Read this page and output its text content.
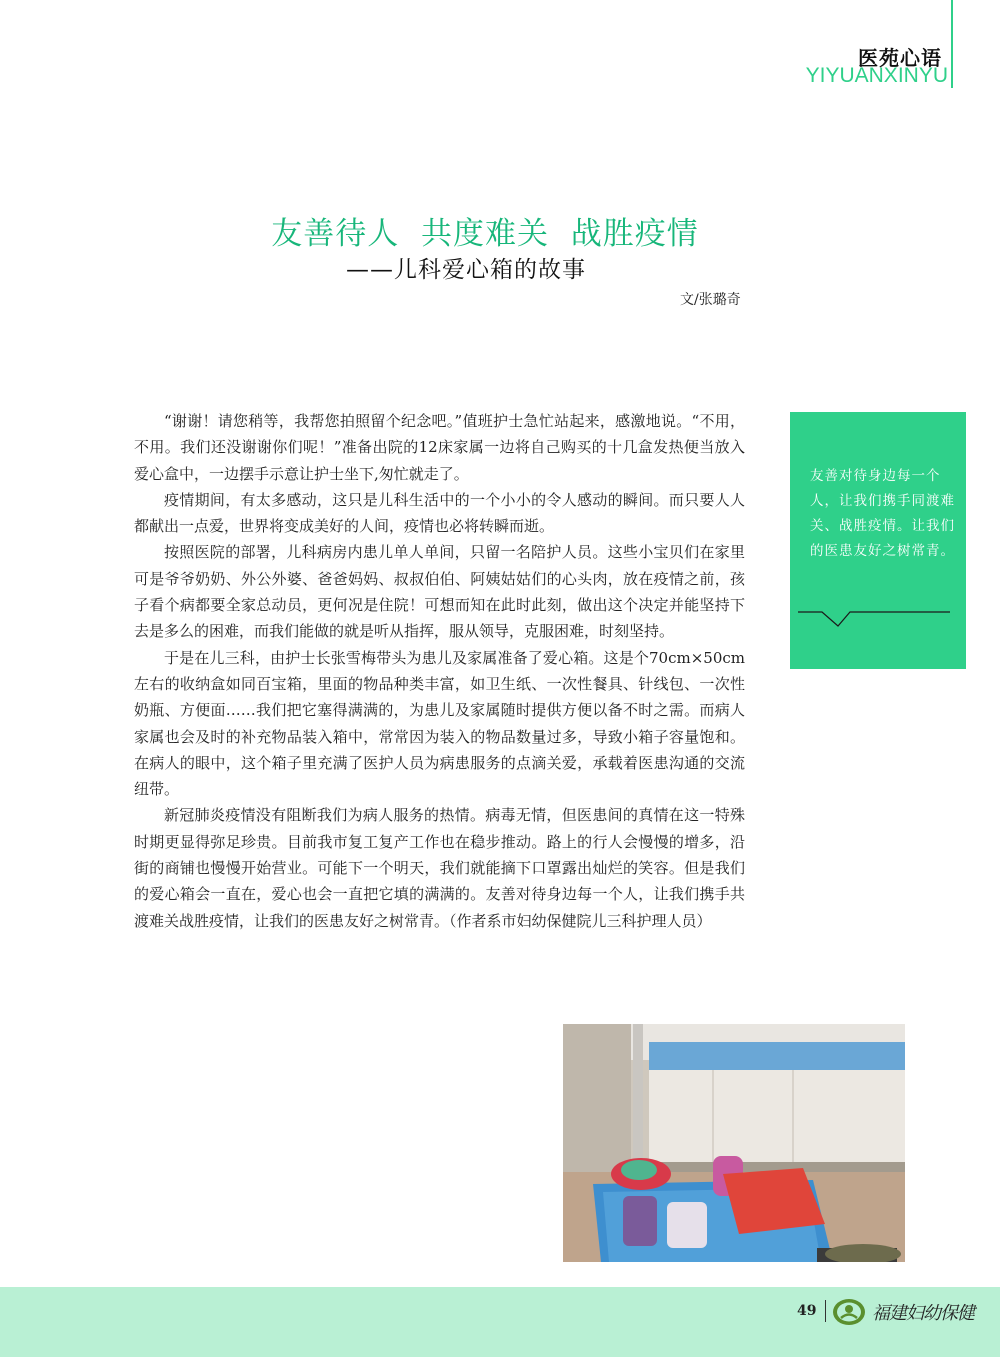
医苑心语
YIYUANXINYU
友善待人  共度难关  战胜疫情
——儿科爱心箱的故事
文/张璐奇

“谢谢！请您稍等，我帮您拍照留个纪念吧。”值班护士急忙站起来，感激地说。“不用，不用。我们还没谢谢你们呢！”准备出院的12床家属一边将自己购买的十几盒发热便当放入爱心盒中，一边摆手示意让护士坐下,匆忙就走了。

疫情期间，有太多感动，这只是儿科生活中的一个小小的令人感动的瞬间。而只要人人都献出一点爱，世界将变成美好的人间，疫情也必将转瞬而逝。

按照医院的部署，儿科病房内患儿单人单间，只留一名陪护人员。这些小宝贝们在家里可是爷爷奶奶、外公外婆、爸爸妈妈、叔叔伯伯、阿姨姑姑们的心头肉，放在疫情之前，孩子看个病都要全家总动员，更何况是住院！可想而知在此时此刻，做出这个决定并能坚持下去是多么的困难，而我们能做的就是听从指挥，服从领导，克服困难，时刻坚持。

于是在儿三科，由护士长张雪梅带头为患儿及家属准备了爱心箱。这是个70cm×50cm左右的收纳盒如同百宝箱，里面的物品种类丰富，如卫生纸、一次性餐具、针线包、一次性奶瓶、方便面……我们把它塞得满满的，为患儿及家属随时提供方便以备不时之需。而病人家属也会及时的补充物品装入箱中，常常因为装入的物品数量过多，导致小箱子容量饱和。在病人的眼中，这个箱子里充满了医护人员为病患服务的点滴关爱，承载着医患沟通的交流纽带。

新冠肺炎疫情没有阻断我们为病人服务的热情。病毒无情，但医患间的真情在这一特殊时期更显得弥足珍贵。目前我市复工复产工作也在稳步推动。路上的行人会慢慢的增多，沿街的商铺也慢慢开始营业。可能下一个明天，我们就能摘下口罩露出灿烂的笑容。但是我们的爱心箱会一直在，爱心也会一直把它填的满满的。友善对待身边每一个人，让我们携手共渡难关战胜疫情，让我们的医患友好之树常青。（作者系市妇幼保健院儿三科护理人员）

友善对待身边每一个人，让我们携手同渡难关、战胜疫情。让我们的医患友好之树常青。
49	福建妇幼保健
